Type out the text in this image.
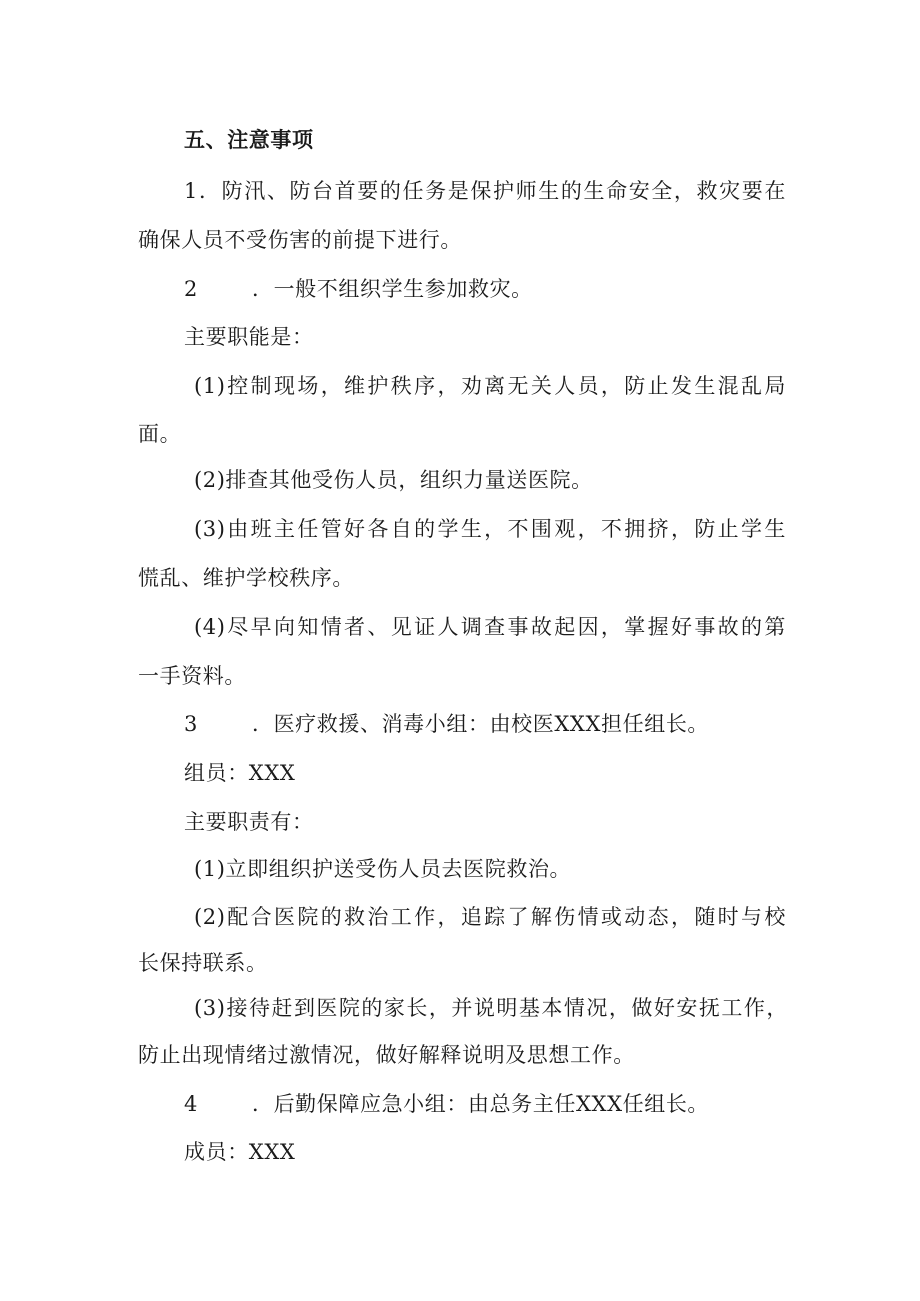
五、注意事项
1．防汛、防台首要的任务是保护师生的生命安全，救灾要在
确保人员不受伤害的前提下进行。
2	．一般不组织学生参加救灾。
主要职能是：
(1)控制现场，维护秩序，劝离无关人员，防止发生混乱局
面。
(2)排查其他受伤人员，组织力量送医院。
(3)由班主任管好各自的学生，不围观，不拥挤，防止学生
慌乱、维护学校秩序。
(4)尽早向知情者、见证人调查事故起因，掌握好事故的第
一手资料。
3	．医疗救援、消毒小组：由校医XXX担任组长。
组员：XXX
主要职责有：
(1)立即组织护送受伤人员去医院救治。
(2)配合医院的救治工作，追踪了解伤情或动态，随时与校
长保持联系。
(3)接待赶到医院的家长，并说明基本情况，做好安抚工作，
防止出现情绪过激情况，做好解释说明及思想工作。
4	．后勤保障应急小组：由总务主任XXX任组长。
成员：XXX
